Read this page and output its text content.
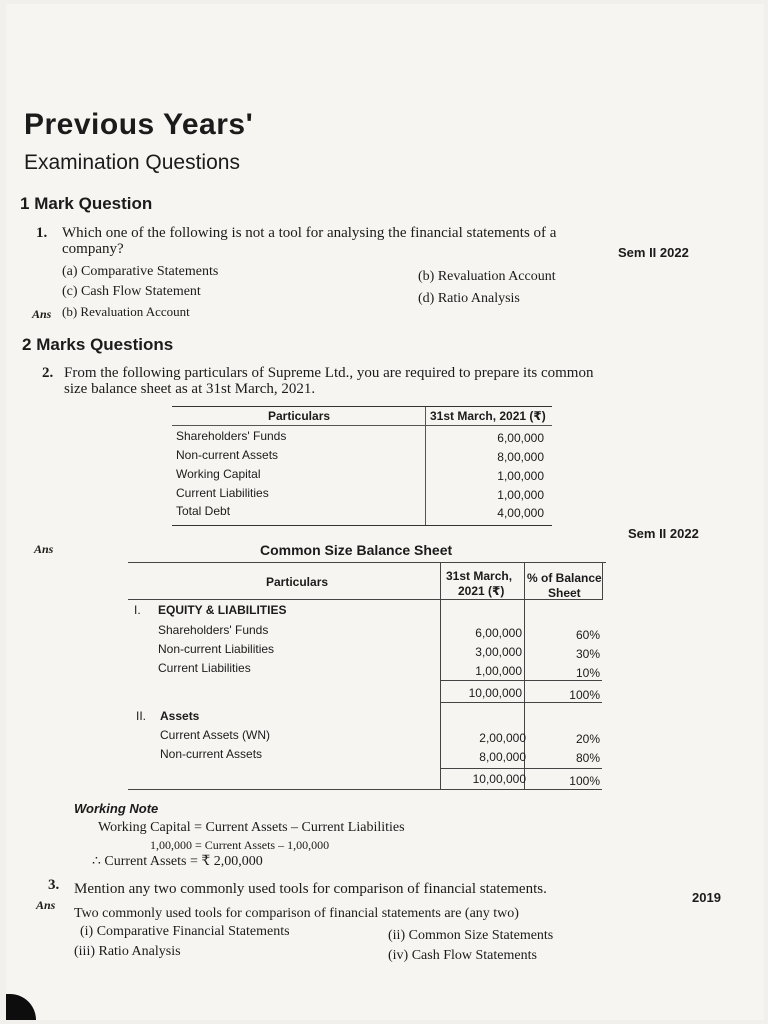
Previous Years'
Examination Questions
1 Mark Question
1. Which one of the following is not a tool for analysing the financial statements of a
company?	Sem II 2022
(a) Comparative Statements	(b) Revaluation Account
(c) Cash Flow Statement	(d) Ratio Analysis
Ans (b) Revaluation Account
2 Marks Questions
2. From the following particulars of Supreme Ltd., you are required to prepare its common
size balance sheet as at 31st March, 2021.
Particulars	31st March, 2021 (₹)
Shareholders' Funds	6,00,000
Non-current Assets	8,00,000
Working Capital	1,00,000
Current Liabilities	1,00,000
Total Debt	4,00,000
Sem II 2022
Ans	Common Size Balance Sheet
Particulars	31st March,
2021 (₹)
% of Balance
Sheet
I. EQUITY & LIABILITIES
Shareholders' Funds	6,00,000	60%
Non-current Liabilities	3,00,000	30%
Current Liabilities	1,00,000	10%
10,00,000	100%
II. Assets
Current Assets (WN)	2,00,000	20%
Non-current Assets	8,00,000	80%
10,00,000	100%
Working Note
Working Capital = Current Assets – Current Liabilities
1,00,000 = Current Assets – 1,00,000
∴ Current Assets = ₹ 2,00,000
3. Mention any two commonly used tools for comparison of financial statements.
2019
Ans
Two commonly used tools for comparison of financial statements are (any two)
(i) Comparative Financial Statements	(ii) Common Size Statements
(iii) Ratio Analysis	(iv) Cash Flow Statements
